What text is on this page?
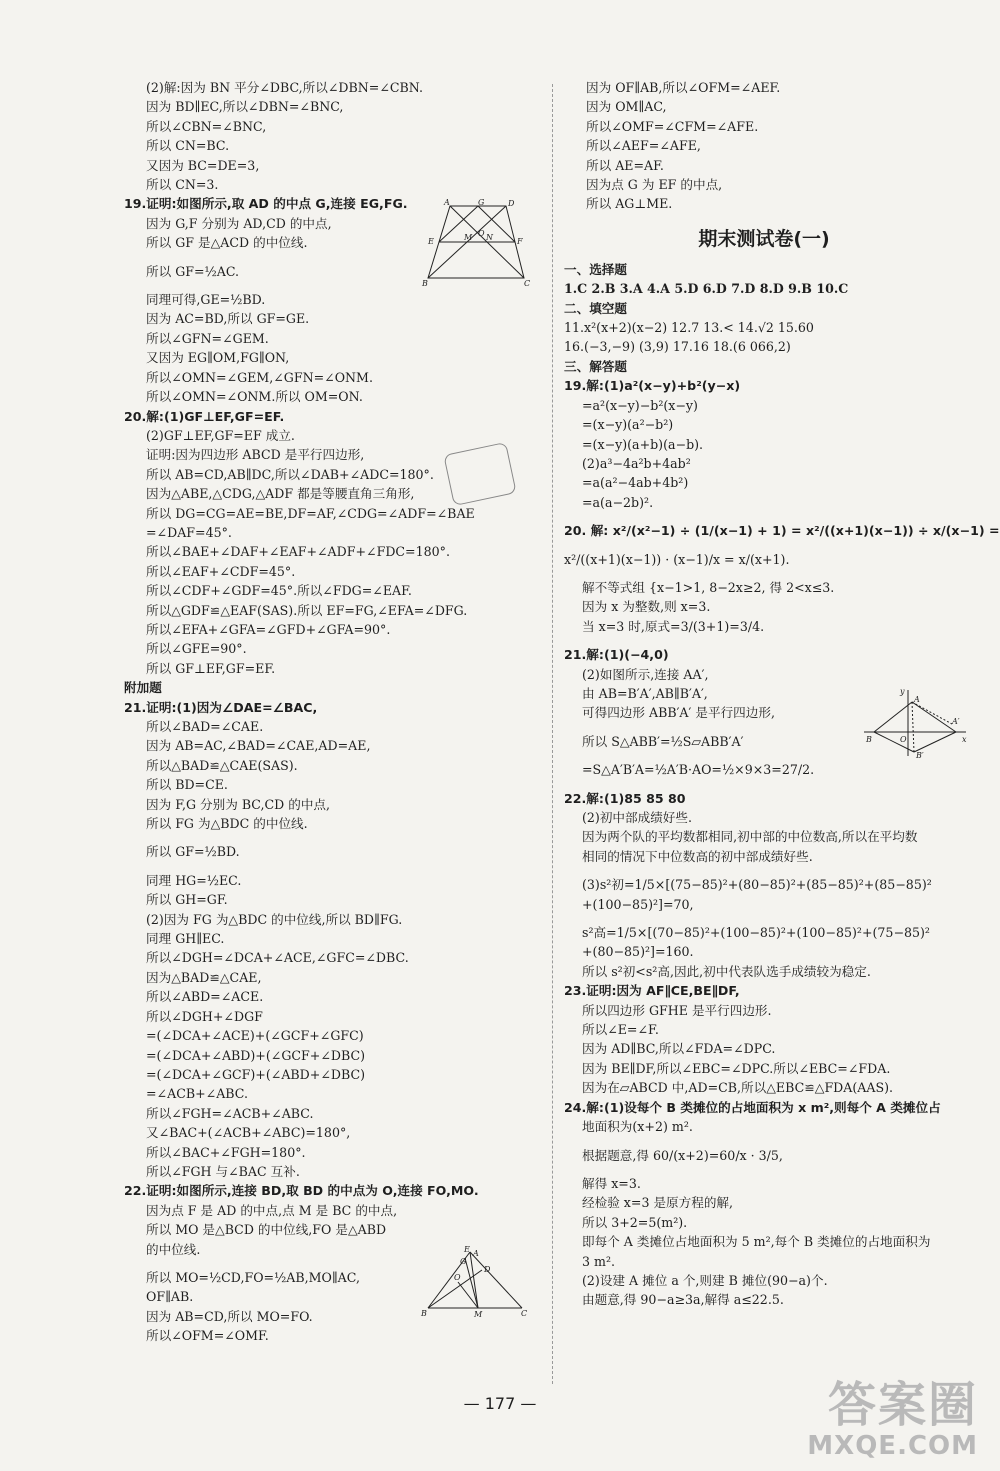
(2)解:因为 BN 平分∠DBC,所以∠DBN=∠CBN.
因为 BD∥EC,所以∠DBN=∠BNC,
所以∠CBN=∠BNC,
所以 CN=BC.
又因为 BC=DE=3,
所以 CN=3.
19.证明:如图所示,取 AD 的中点 G,连接 EG,FG.
因为 G,F 分别为 AD,CD 的中点,
所以 GF 是△ACD 的中位线.
所以 GF=½AC.
同理可得,GE=½BD.
因为 AC=BD,所以 GF=GE.
所以∠GFN=∠GEM.
又因为 EG∥OM,FG∥ON,
所以∠OMN=∠GEM,∠GFN=∠ONM.
所以∠OMN=∠ONM.所以 OM=ON.
20.解:(1)GF⊥EF,GF=EF.
(2)GF⊥EF,GF=EF 成立.
证明:因为四边形 ABCD 是平行四边形,
所以 AB=CD,AB∥DC,所以∠DAB+∠ADC=180°.
因为△ABE,△CDG,△ADF 都是等腰直角三角形,
所以 DG=CG=AE=BE,DF=AF,∠CDG=∠ADF=∠BAE
=∠DAF=45°.
所以∠BAE+∠DAF+∠EAF+∠ADF+∠FDC=180°.
所以∠EAF+∠CDF=45°.
所以∠CDF+∠GDF=45°.所以∠FDG=∠EAF.
所以△GDF≌△EAF(SAS).所以 EF=FG,∠EFA=∠DFG.
所以∠EFA+∠GFA=∠GFD+∠GFA=90°.
所以∠GFE=90°.
所以 GF⊥EF,GF=EF.
附加题
21.证明:(1)因为∠DAE=∠BAC,
所以∠BAD=∠CAE.
因为 AB=AC,∠BAD=∠CAE,AD=AE,
所以△BAD≌△CAE(SAS).
所以 BD=CE.
因为 F,G 分别为 BC,CD 的中点,
所以 FG 为△BDC 的中位线.
所以 GF=½BD.
同理 HG=½EC.
所以 GH=GF.
(2)因为 FG 为△BDC 的中位线,所以 BD∥FG.
同理 GH∥EC.
所以∠DGH=∠DCA+∠ACE,∠GFC=∠DBC.
因为△BAD≌△CAE,
所以∠ABD=∠ACE.
所以∠DGH+∠DGF
=(∠DCA+∠ACE)+(∠GCF+∠GFC)
=(∠DCA+∠ABD)+(∠GCF+∠DBC)
=(∠DCA+∠GCF)+(∠ABD+∠DBC)
=∠ACB+∠ABC.
所以∠FGH=∠ACB+∠ABC.
又∠BAC+(∠ACB+∠ABC)=180°,
所以∠BAC+∠FGH=180°.
所以∠FGH 与∠BAC 互补.
22.证明:如图所示,连接 BD,取 BD 的中点为 O,连接 FO,MO.
因为点 F 是 AD 的中点,点 M 是 BC 的中点,
所以 MO 是△BCD 的中位线,FO 是△ABD
的中位线.
所以 MO=½CD,FO=½AB,MO∥AC,
OF∥AB.
因为 AB=CD,所以 MO=FO.
所以∠OFM=∠OMF.
因为 OF∥AB,所以∠OFM=∠AEF.
因为 OM∥AC,
所以∠OMF=∠CFM=∠AFE.
所以∠AEF=∠AFE,
所以 AE=AF.
因为点 G 为 EF 的中点,
所以 AG⊥ME.
期末测试卷(一)
一、选择题
1.C 2.B 3.A 4.A 5.D 6.D 7.D 8.D 9.B 10.C
二、填空题
11.x²(x+2)(x−2) 12.7 13.< 14.√2 15.60
16.(−3,−9) (3,9) 17.16 18.(6 066,2)
三、解答题
19.解:(1)a²(x−y)+b²(y−x)
=a²(x−y)−b²(x−y)
=(x−y)(a²−b²)
=(x−y)(a+b)(a−b).
(2)a³−4a²b+4ab²
=a(a²−4ab+4b²)
=a(a−2b)².
20. 解: x²/(x²−1) ÷ (1/(x−1) + 1) = x²/((x+1)(x−1)) ÷ x/(x−1) =
x²/((x+1)(x−1)) · (x−1)/x = x/(x+1).
解不等式组 {x−1>1, 8−2x≥2, 得 2<x≤3.
因为 x 为整数,则 x=3.
当 x=3 时,原式=3/(3+1)=3/4.
21.解:(1)(−4,0)
(2)如图所示,连接 AA′,
由 AB=B′A′,AB∥B′A′,
可得四边形 ABB′A′ 是平行四边形,
所以 S△ABB′=½S▱ABB′A′
=S△A′B′A=½A′B·AO=½×9×3=27/2.
22.解:(1)85 85 80
(2)初中部成绩好些.
因为两个队的平均数都相同,初中部的中位数高,所以在平均数
相同的情况下中位数高的初中部成绩好些.
(3)s²初=1/5×[(75−85)²+(80−85)²+(85−85)²+(85−85)²
+(100−85)²]=70,
s²高=1/5×[(70−85)²+(100−85)²+(100−85)²+(75−85)²
+(80−85)²]=160.
所以 s²初<s²高,因此,初中代表队选手成绩较为稳定.
23.证明:因为 AF∥CE,BE∥DF,
所以四边形 GFHE 是平行四边形.
所以∠E=∠F.
因为 AD∥BC,所以∠FDA=∠DPC.
因为 BE∥DF,所以∠EBC=∠DPC.所以∠EBC=∠FDA.
因为在▱ABCD 中,AD=CB,所以△EBC≌△FDA(AAS).
24.解:(1)设每个 B 类摊位的占地面积为 x m²,则每个 A 类摊位占
地面积为(x+2) m².
根据题意,得 60/(x+2)=60/x · 3/5,
解得 x=3.
经检验 x=3 是原方程的解,
所以 3+2=5(m²).
即每个 A 类摊位占地面积为 5 m²,每个 B 类摊位的占地面积为
3 m².
(2)设建 A 摊位 a 个,则建 B 摊位(90−a)个.
由题意,得 90−a≥3a,解得 a≤22.5.
A	G	D
E	F
M O N
B	C
E A
G
O
D
B	M	C
y
A
A′
B	O
B′
x
— 177 —	答案圈
MXQE.COM
